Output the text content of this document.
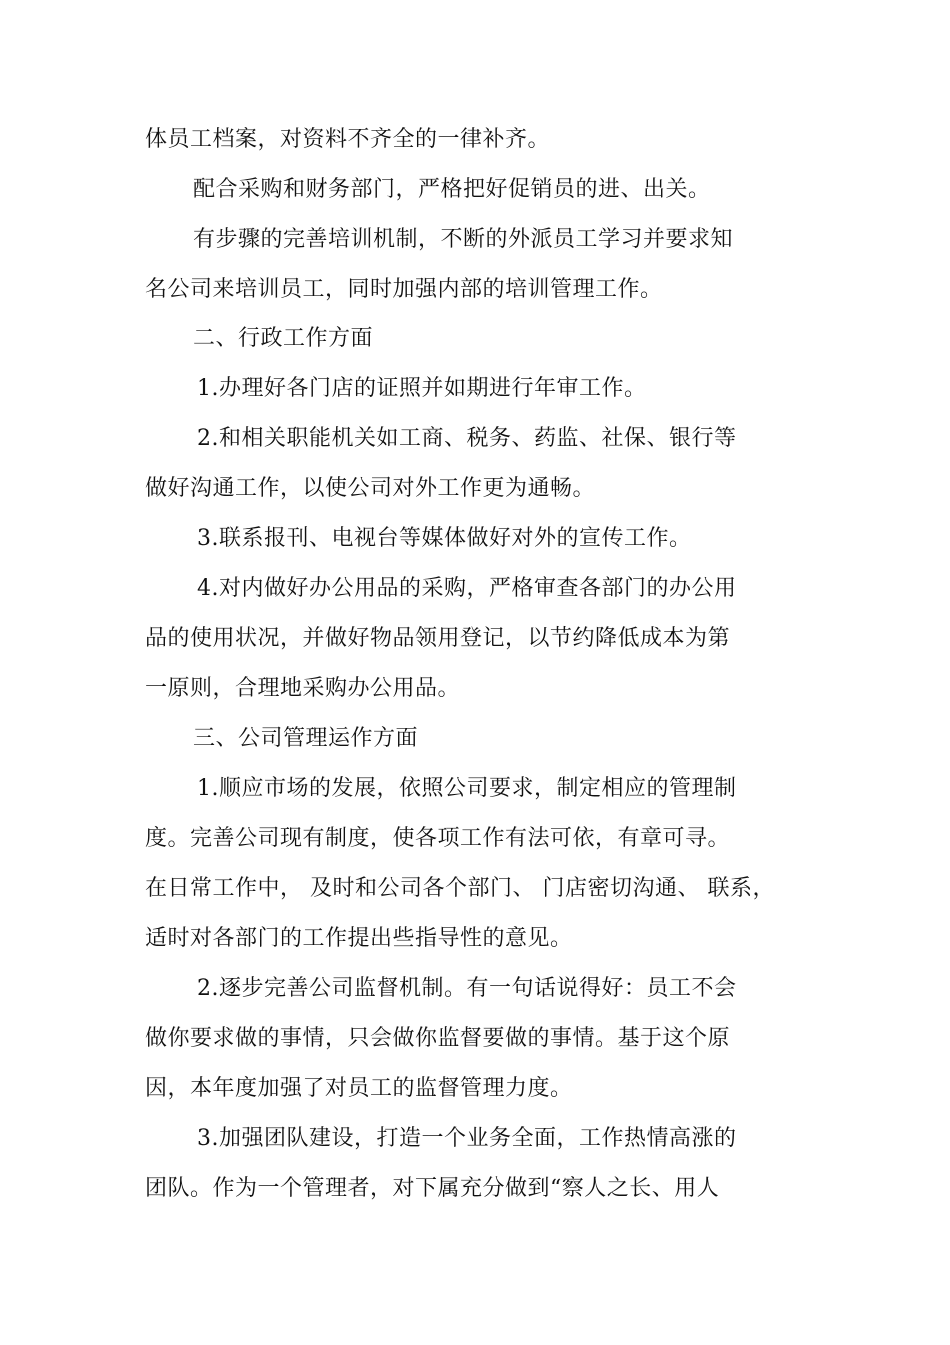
体员工档案，对资料不齐全的一律补齐。

配合采购和财务部门，严格把好促销员的进、出关。

有步骤的完善培训机制，不断的外派员工学习并要求知

名公司来培训员工，同时加强内部的培训管理工作。

二、行政工作方面

1.办理好各门店的证照并如期进行年审工作。

2.和相关职能机关如工商、税务、药监、社保、银行等

做好沟通工作，以使公司对外工作更为通畅。

3.联系报刊、电视台等媒体做好对外的宣传工作。

4.对内做好办公用品的采购，严格审查各部门的办公用

品的使用状况，并做好物品领用登记，以节约降低成本为第

一原则，合理地采购办公用品。

三、公司管理运作方面

1.顺应市场的发展，依照公司要求，制定相应的管理制

度。完善公司现有制度，使各项工作有法可依，有章可寻。

在日常工作中， 及时和公司各个部门、 门店密切沟通、 联系，

适时对各部门的工作提出些指导性的意见。

2.逐步完善公司监督机制。有一句话说得好：员工不会

做你要求做的事情，只会做你监督要做的事情。基于这个原

因，本年度加强了对员工的监督管理力度。

3.加强团队建设，打造一个业务全面，工作热情高涨的

团队。作为一个管理者，对下属充分做到“察人之长、用人
